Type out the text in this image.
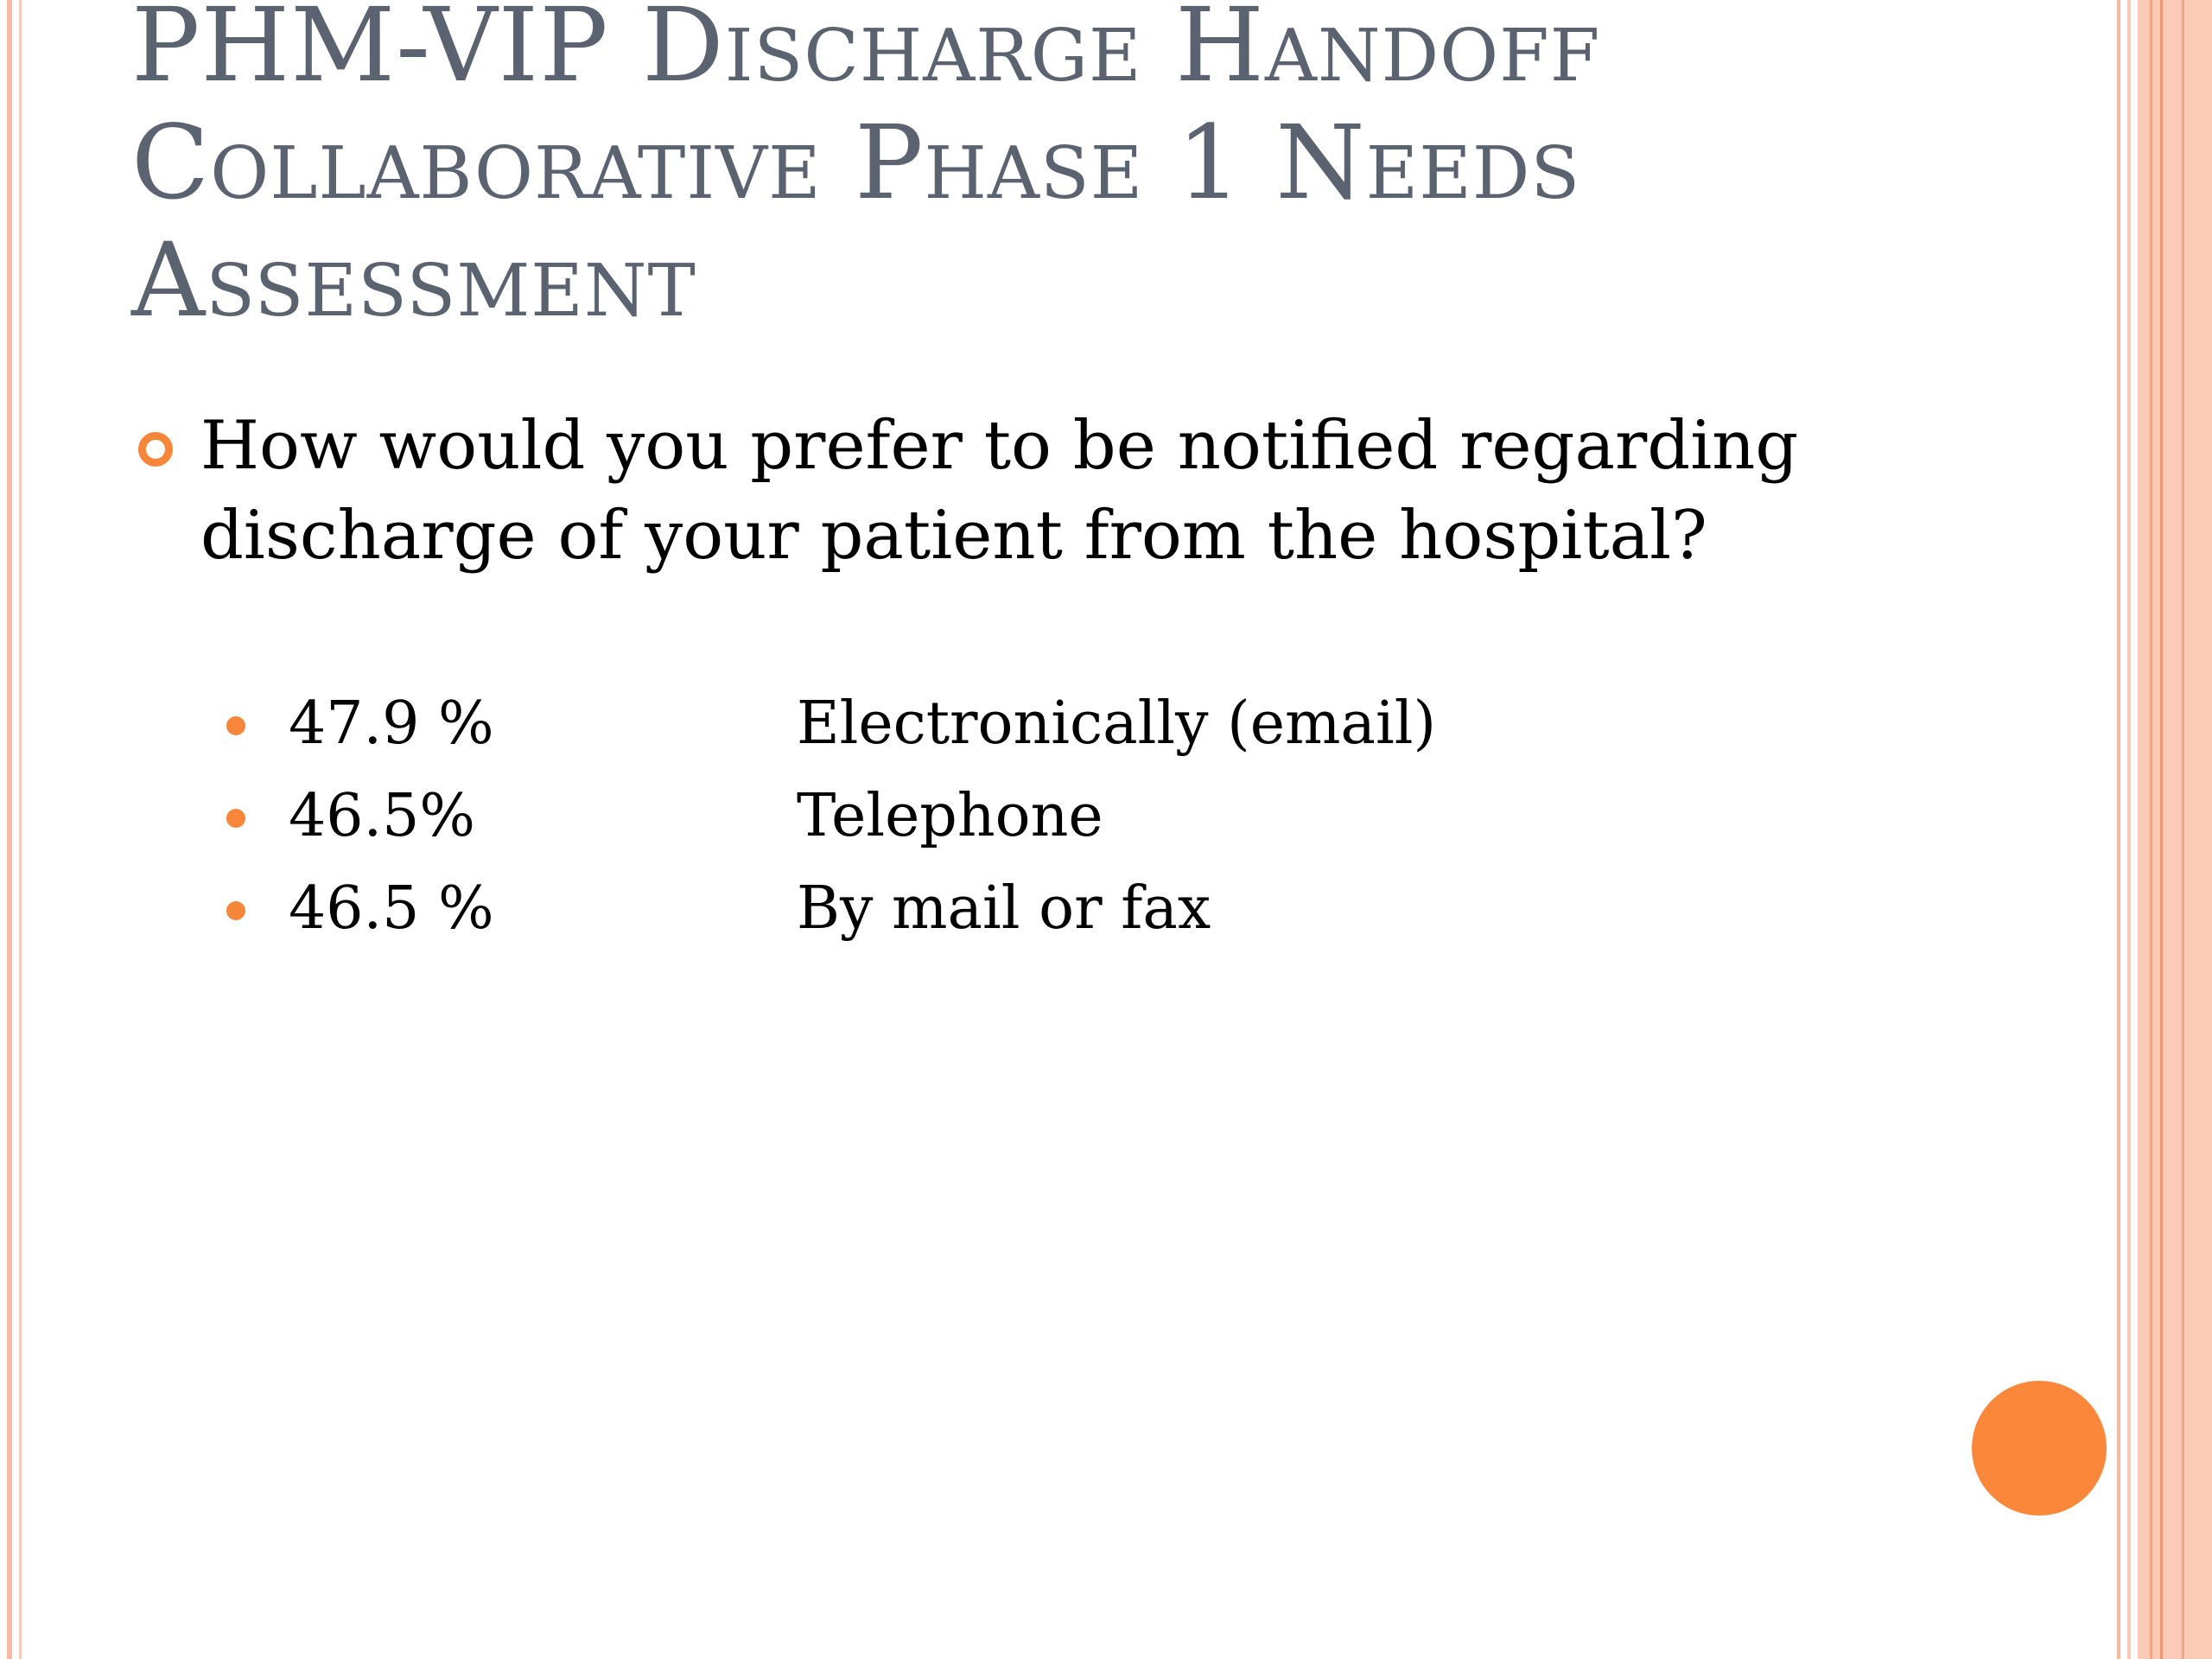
PHM-VIP Discharge Handoff Collaborative Phase 1 Needs Assessment

How would you prefer to be notified regarding discharge of your patient from the hospital?

47.9 %	Electronically (email)
46.5%	Telephone
46.5 %	By mail or fax
